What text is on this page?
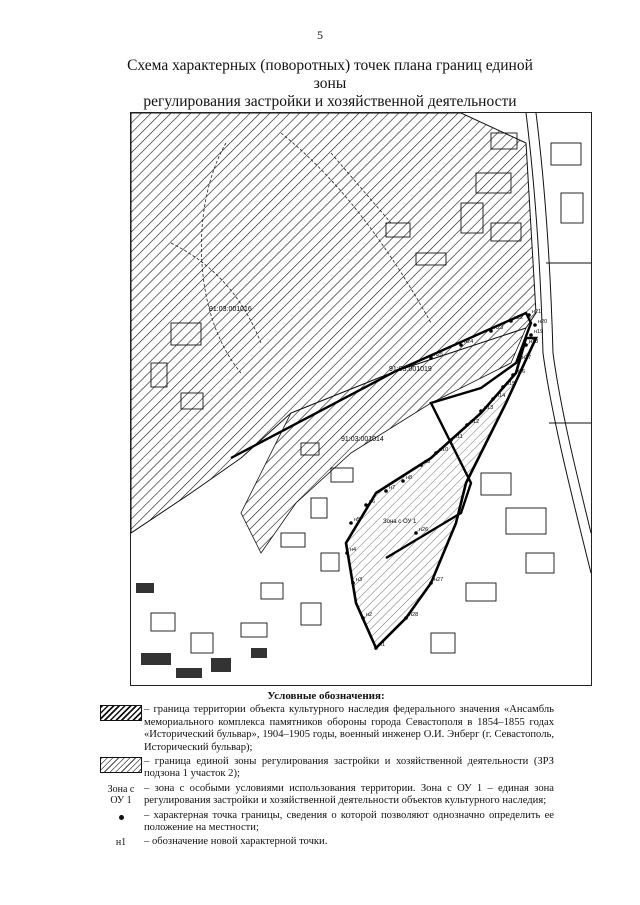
5
Схема характерных (поворотных) точек плана границ единой зоны
регулирования застройки и хозяйственной деятельности
91:03:001016
91:03:001019
91:03:001014
Зона с ОУ 1
н1
н2
н3
н4
н5
н6
н7
н8
н9
н10
н11
н12
н13
н14
н15
н16
н17
н18
н19
н20
н21
н22
н23
н24
н25
н26
н27
н28
Условные обозначения:
– граница территории объекта культурного наследия федерального значения «Ансамбль мемориального комплекса памятников обороны города Севастополя в 1854–1855 годах «Исторический бульвар», 1904–1905 годы, военный инженер О.И. Энберг (г. Севастополь, Исторический бульвар);
– граница единой зоны регулирования застройки и хозяйственной деятельности (ЗРЗ подзона 1 участок 2);
Зона с
ОУ 1
– зона с особыми условиями использования территории. Зона с ОУ 1 – единая зона регулирования застройки и хозяйственной деятельности объектов культурного наследия;
– характерная точка границы, сведения о которой позволяют однозначно определить ее положение на местности;
н1 – обозначение новой характерной точки.
